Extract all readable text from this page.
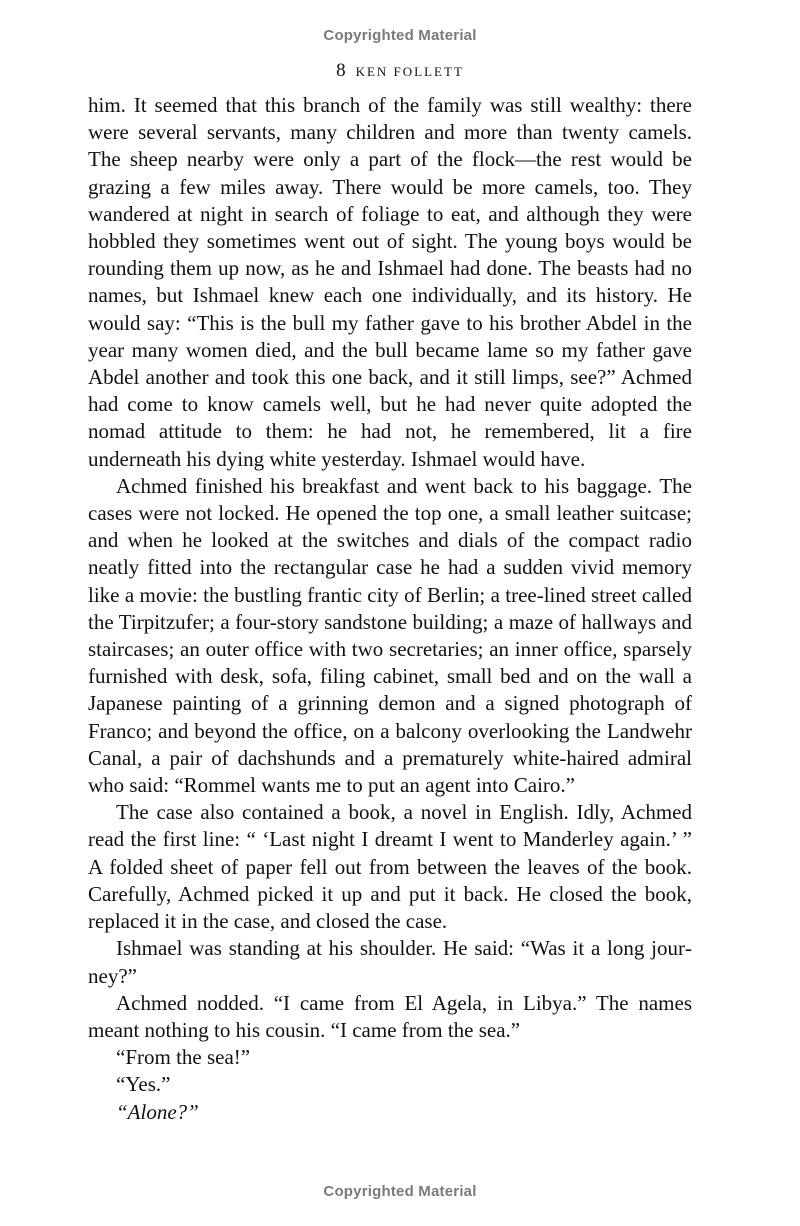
Copyrighted Material
8 KEN FOLLETT

him. It seemed that this branch of the family was still wealthy: there were several servants, many children and more than twenty camels. The sheep nearby were only a part of the flock—the rest would be grazing a few miles away. There would be more camels, too. They wandered at night in search of foliage to eat, and although they were hobbled they sometimes went out of sight. The young boys would be rounding them up now, as he and Ishmael had done. The beasts had no names, but Ishmael knew each one individually, and its history. He would say: “This is the bull my father gave to his brother Abdel in the year many women died, and the bull became lame so my father gave Abdel another and took this one back, and it still limps, see?” Achmed had come to know camels well, but he had never quite adopted the nomad attitude to them: he had not, he remembered, lit a fire underneath his dying white yesterday. Ishmael would have.

Achmed finished his breakfast and went back to his baggage. The cases were not locked. He opened the top one, a small leather suitcase; and when he looked at the switches and dials of the compact radio neatly fitted into the rectangular case he had a sudden vivid memory like a movie: the bustling frantic city of Berlin; a tree-lined street called the Tirpitzufer; a four-story sandstone building; a maze of hallways and staircases; an outer office with two secretaries; an inner office, sparsely furnished with desk, sofa, filing cabinet, small bed and on the wall a Japanese painting of a grinning demon and a signed photograph of Franco; and beyond the office, on a balcony overlooking the Landwehr Canal, a pair of dachshunds and a prematurely white-haired admiral who said: “Rommel wants me to put an agent into Cairo.”

The case also contained a book, a novel in English. Idly, Achmed read the first line: “ ‘Last night I dreamt I went to Manderley again.’ ” A folded sheet of paper fell out from between the leaves of the book. Carefully, Achmed picked it up and put it back. He closed the book, replaced it in the case, and closed the case.

Ishmael was standing at his shoulder. He said: “Was it a long journey?”

Achmed nodded. “I came from El Agela, in Libya.” The names meant nothing to his cousin. “I came from the sea.”

“From the sea!”

“Yes.”

“Alone?”

Copyrighted Material
